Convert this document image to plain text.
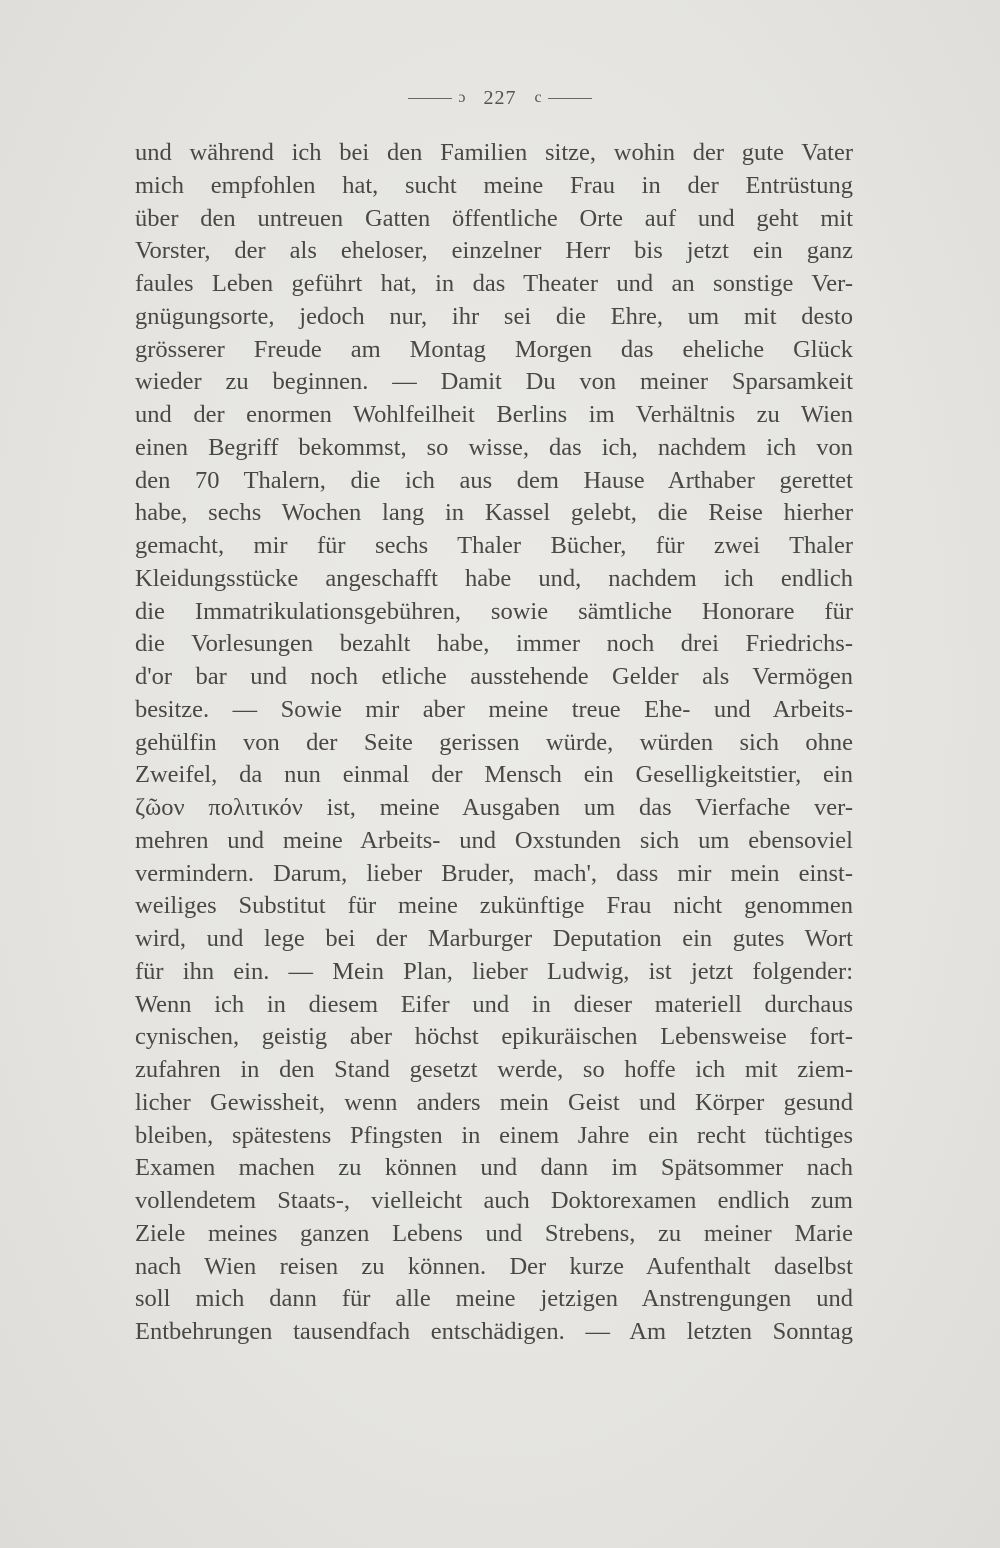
ɔ 227 c
und während ich bei den Familien sitze, wohin der gute Vater
mich empfohlen hat, sucht meine Frau in der Entrüstung
über den untreuen Gatten öffentliche Orte auf und geht mit
Vorster, der als eheloser, einzelner Herr bis jetzt ein ganz
faules Leben geführt hat, in das Theater und an sonstige Ver-
gnügungsorte, jedoch nur, ihr sei die Ehre, um mit desto
grösserer Freude am Montag Morgen das eheliche Glück
wieder zu beginnen. — Damit Du von meiner Sparsamkeit
und der enormen Wohlfeilheit Berlins im Verhältnis zu Wien
einen Begriff bekommst, so wisse, das ich, nachdem ich von
den 70 Thalern, die ich aus dem Hause Arthaber gerettet
habe, sechs Wochen lang in Kassel gelebt, die Reise hierher
gemacht, mir für sechs Thaler Bücher, für zwei Thaler
Kleidungsstücke angeschafft habe und, nachdem ich endlich
die Immatrikulationsgebühren, sowie sämtliche Honorare für
die Vorlesungen bezahlt habe, immer noch drei Friedrichs-
d'or bar und noch etliche ausstehende Gelder als Vermögen
besitze. — Sowie mir aber meine treue Ehe- und Arbeits-
gehülfin von der Seite gerissen würde, würden sich ohne
Zweifel, da nun einmal der Mensch ein Geselligkeitstier, ein
ζῶον πολιτικόν ist, meine Ausgaben um das Vierfache ver-
mehren und meine Arbeits- und Oxstunden sich um ebensoviel
vermindern. Darum, lieber Bruder, mach', dass mir mein einst-
weiliges Substitut für meine zukünftige Frau nicht genommen
wird, und lege bei der Marburger Deputation ein gutes Wort
für ihn ein. — Mein Plan, lieber Ludwig, ist jetzt folgender:
Wenn ich in diesem Eifer und in dieser materiell durchaus
cynischen, geistig aber höchst epikuräischen Lebensweise fort-
zufahren in den Stand gesetzt werde, so hoffe ich mit ziem-
licher Gewissheit, wenn anders mein Geist und Körper gesund
bleiben, spätestens Pfingsten in einem Jahre ein recht tüchtiges
Examen machen zu können und dann im Spätsommer nach
vollendetem Staats-, vielleicht auch Doktorexamen endlich zum
Ziele meines ganzen Lebens und Strebens, zu meiner Marie
nach Wien reisen zu können. Der kurze Aufenthalt daselbst
soll mich dann für alle meine jetzigen Anstrengungen und
Entbehrungen tausendfach entschädigen. — Am letzten Sonntag
